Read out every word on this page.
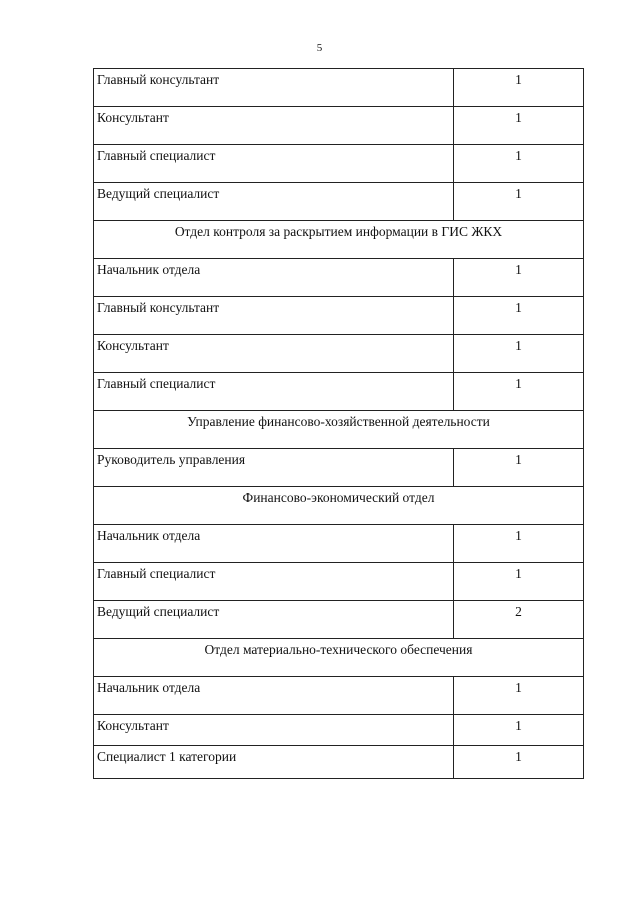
5
Главный консультант	1
Консультант	1
Главный специалист	1
Ведущий специалист	1
Отдел контроля за раскрытием информации в ГИС ЖКХ	
Начальник отдела	1
Главный консультант	1
Консультант	1
Главный специалист	1
Управление финансово-хозяйственной деятельности	
Руководитель управления	1
Финансово-экономический отдел	
Начальник отдела	1
Главный специалист	1
Ведущий специалист	2
Отдел материально-технического обеспечения	
Начальник отдела	1
Консультант	1
Специалист 1 категории	1
